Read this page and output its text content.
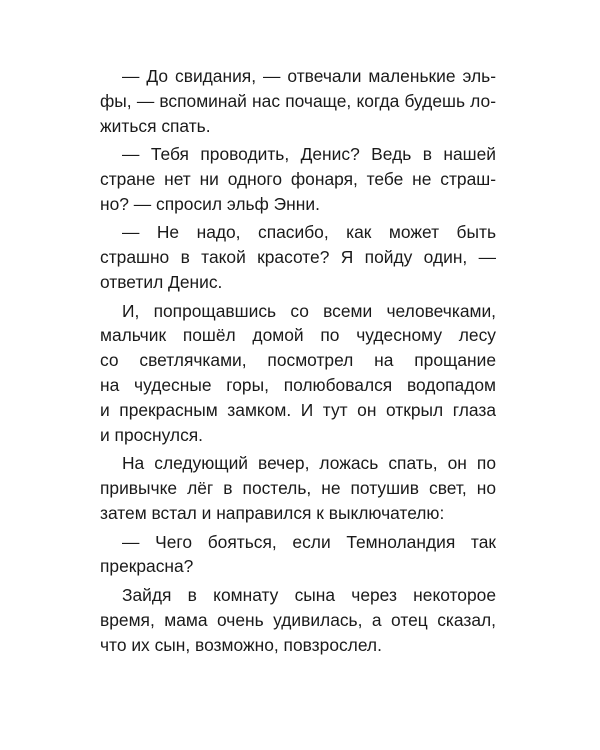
— До свидания, — отвечали маленькие эль-
фы, — вспоминай нас почаще, когда будешь ло-
житься спать.
— Тебя проводить, Денис? Ведь в нашей
стране нет ни одного фонаря, тебе не страш-
но? — спросил эльф Энни.
— Не надо, спасибо, как может быть
страшно в такой красоте? Я пойду один, —
ответил Денис.
И, попрощавшись со всеми человечками,
мальчик пошёл домой по чудесному лесу
со светлячками, посмотрел на прощание
на чудесные горы, полюбовался водопадом
и прекрасным замком. И тут он открыл глаза
и проснулся.
На следующий вечер, ложась спать, он по
привычке лёг в постель, не потушив свет, но
затем встал и направился к выключателю:
— Чего бояться, если Темноландия так
прекрасна?
Зайдя в комнату сына через некоторое
время, мама очень удивилась, а отец сказал,
что их сын, возможно, повзрослел.
